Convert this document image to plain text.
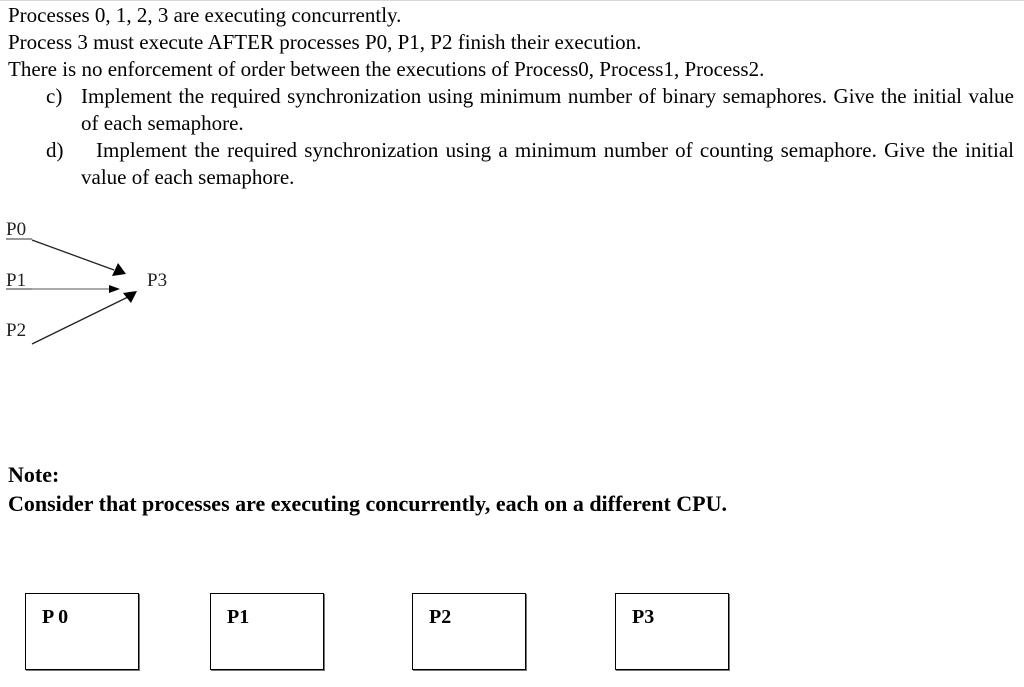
Processes 0, 1, 2, 3 are executing concurrently.
Process 3 must execute AFTER processes P0, P1, P2 finish their execution.
There is no enforcement of order between the executions of Process0, Process1, Process2.
c) Implement the required synchronization using minimum number of binary semaphores. Give the initial value of each semaphore.
d)	Implement the required synchronization using a minimum number of counting semaphore. Give the initial value of each semaphore.
P0
P1
P2
P3
Note:
Consider that processes are executing concurrently, each on a different CPU.
P 0	P1	P2	P3
